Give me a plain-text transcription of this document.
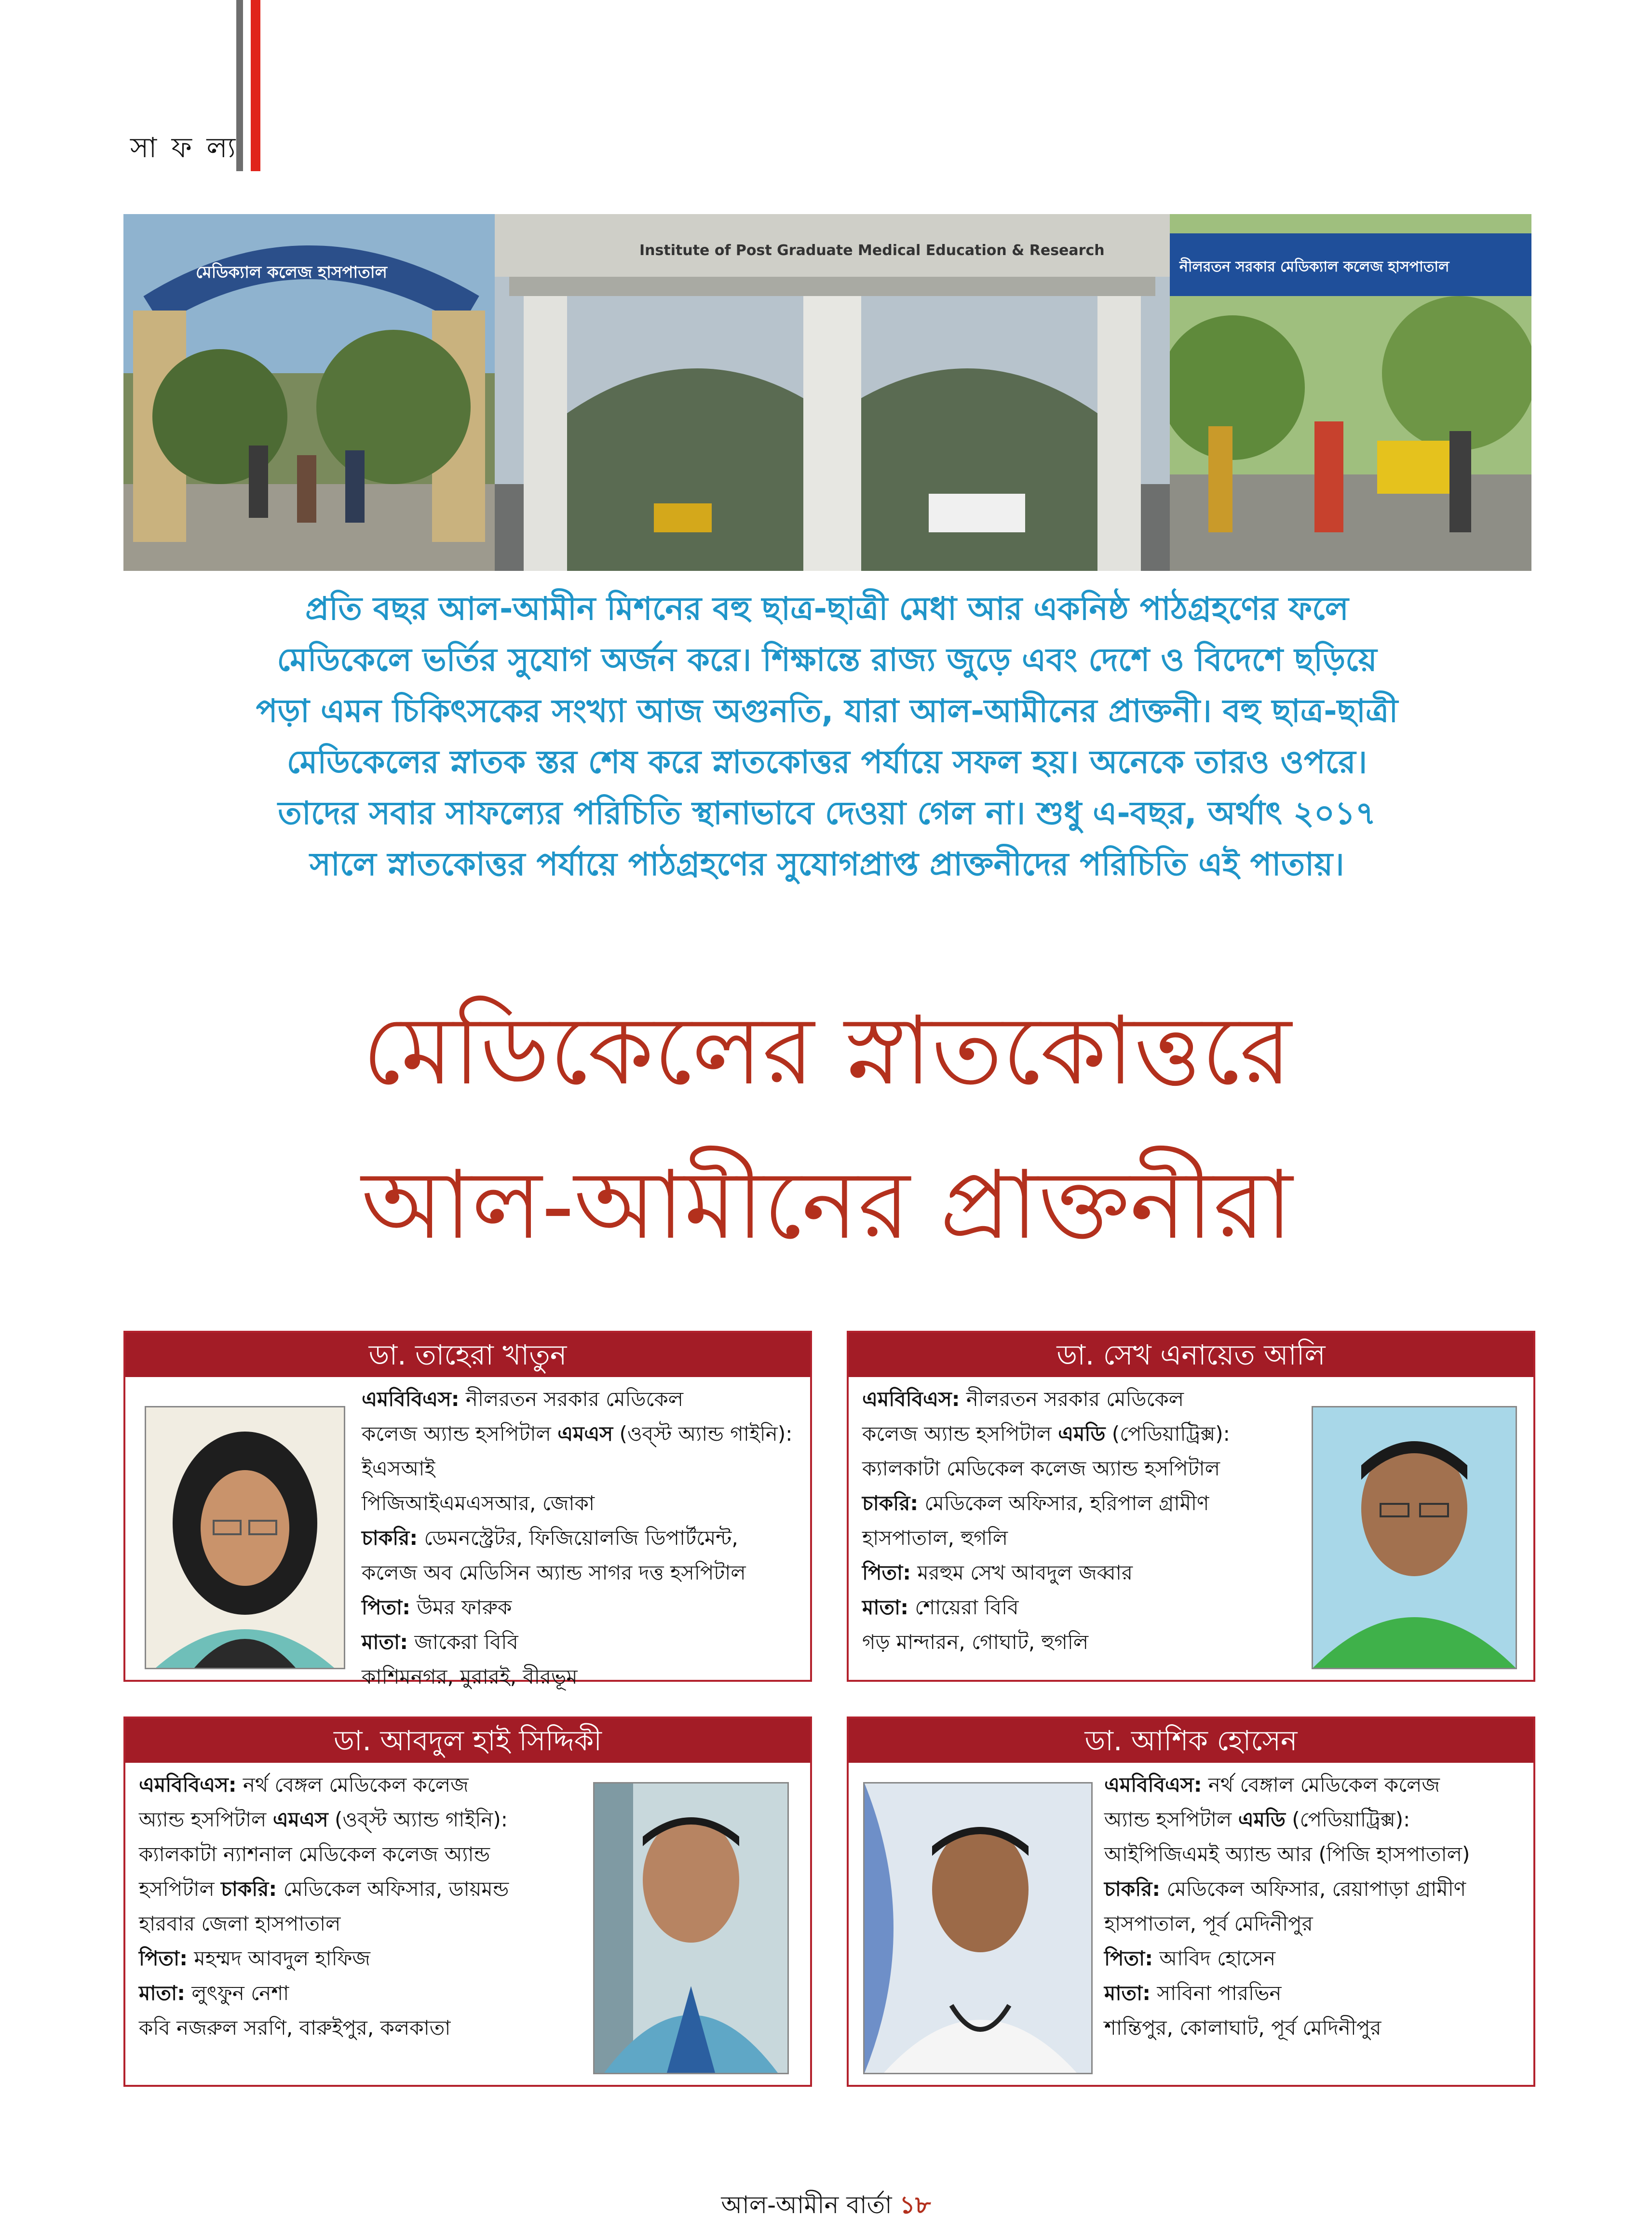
সা ফ ল্য
মেডিক্যাল কলেজ হাসপাতাল
Institute of Post Graduate Medical Education & Research
নীলরতন সরকার মেডিক্যাল কলেজ হাসপাতাল

প্রতি বছর আল-আমীন মিশনের বহু ছাত্র-ছাত্রী মেধা আর একনিষ্ঠ পাঠগ্রহণের ফলে

মেডিকেলে ভর্তির সুযোগ অর্জন করে। শিক্ষান্তে রাজ্য জুড়ে এবং দেশে ও বিদেশে ছড়িয়ে

পড়া এমন চিকিৎসকের সংখ্যা আজ অগুনতি, যারা আল-আমীনের প্রাক্তনী। বহু ছাত্র-ছাত্রী

মেডিকেলের স্নাতক স্তর শেষ করে স্নাতকোত্তর পর্যায়ে সফল হয়। অনেকে তারও ওপরে।

তাদের সবার সাফল্যের পরিচিতি স্থানাভাবে দেওয়া গেল না। শুধু এ-বছর, অর্থাৎ ২০১৭

সালে স্নাতকোত্তর পর্যায়ে পাঠগ্রহণের সুযোগপ্রাপ্ত প্রাক্তনীদের পরিচিতি এই পাতায়।

মেডিকেলের স্নাতকোত্তরে
আল-আমীনের প্রাক্তনীরা
ডা. তাহেরা খাতুন

এমবিবিএস: নীলরতন সরকার মেডিকেল

কলেজ অ্যান্ড হসপিটাল এমএস (ওব্স্ট অ্যান্ড গাইনি): ইএসআই

পিজিআইএমএসআর, জোকা

চাকরি: ডেমনস্ট্রেটর, ফিজিয়োলজি ডিপার্টমেন্ট,

কলেজ অব মেডিসিন অ্যান্ড সাগর দত্ত হসপিটাল

পিতা: উমর ফারুক

মাতা: জাকেরা বিবি

কাশিমনগর, মুরারই, বীরভূম

ডা. সেখ এনায়েত আলি

এমবিবিএস: নীলরতন সরকার মেডিকেল

কলেজ অ্যান্ড হসপিটাল এমডি (পেডিয়াট্রিক্স):

ক্যালকাটা মেডিকেল কলেজ অ্যান্ড হসপিটাল

চাকরি: মেডিকেল অফিসার, হরিপাল গ্রামীণ

হাসপাতাল, হুগলি

পিতা: মরহুম সেখ আবদুল জব্বার

মাতা: শোয়েরা বিবি

গড় মান্দারন, গোঘাট, হুগলি

ডা. আবদুল হাই সিদ্দিকী

এমবিবিএস: নর্থ বেঙ্গল মেডিকেল কলেজ

অ্যান্ড হসপিটাল এমএস (ওব্স্ট অ্যান্ড গাইনি):

ক্যালকাটা ন্যাশনাল মেডিকেল কলেজ অ্যান্ড

হসপিটাল চাকরি: মেডিকেল অফিসার, ডায়মন্ড

হারবার জেলা হাসপাতাল

পিতা: মহম্মদ আবদুল হাফিজ

মাতা: লুৎফুন নেশা

কবি নজরুল সরণি, বারুইপুর, কলকাতা

ডা. আশিক হোসেন

এমবিবিএস: নর্থ বেঙ্গাল মেডিকেল কলেজ

অ্যান্ড হসপিটাল এমডি (পেডিয়াট্রিক্স):

আইপিজিএমই অ্যান্ড আর (পিজি হাসপাতাল)

চাকরি: মেডিকেল অফিসার, রেয়াপাড়া গ্রামীণ

হাসপাতাল, পূর্ব মেদিনীপুর

পিতা: আবিদ হোসেন

মাতা: সাবিনা পারভিন

শান্তিপুর, কোলাঘাট, পূর্ব মেদিনীপুর

আল-আমীন বার্তা ১৮
